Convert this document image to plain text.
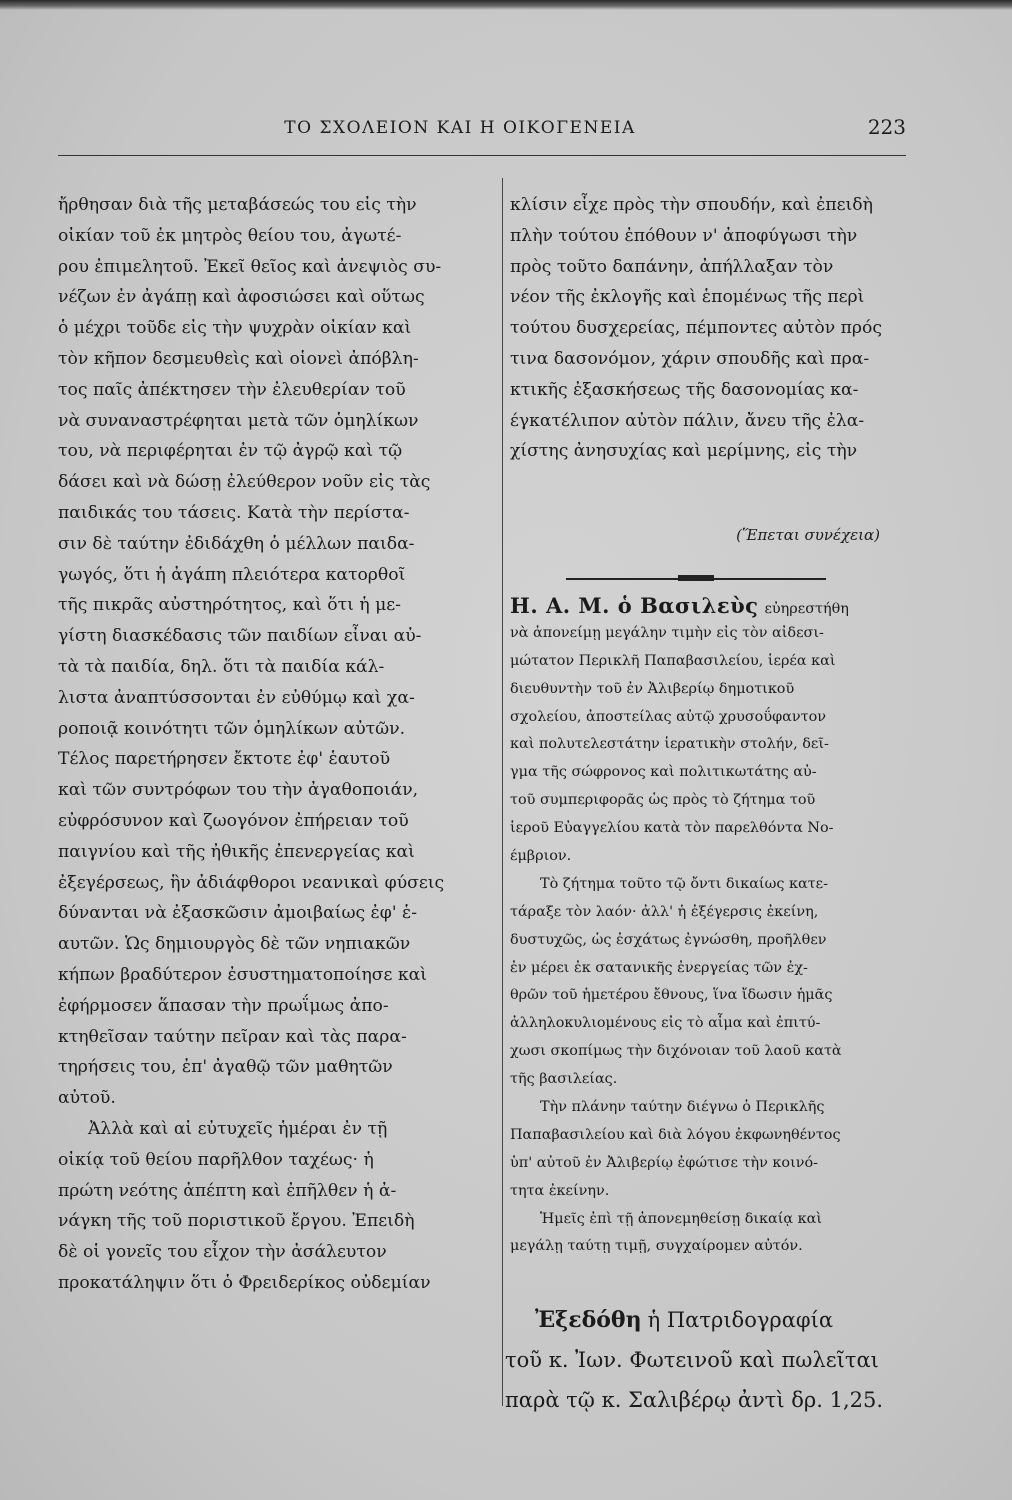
ΤΟ ΣΧΟΛΕΙΟΝ ΚΑΙ Η ΟΙΚΟΓΕΝΕΙΑ	223
ἤρθησαν διὰ τῆς μεταβάσεώς του εἰς τὴν
οἰκίαν τοῦ ἐκ μητρὸς θείου του, ἀγωτέ-
ρου ἐπιμελητοῦ. Ἐκεῖ θεῖος καὶ ἀνεψιὸς συ-
νέζων ἐν ἀγάπῃ καὶ ἀφοσιώσει καὶ οὕτως
ὁ μέχρι τοῦδε εἰς τὴν ψυχρὰν οἰκίαν καὶ
τὸν κῆπον δεσμευθεὶς καὶ οἱονεὶ ἀπόβλη-
τος παῖς ἀπέκτησεν τὴν ἐλευθερίαν τοῦ
νὰ συναναστρέφηται μετὰ τῶν ὁμηλίκων
του, νὰ περιφέρηται ἐν τῷ ἀγρῷ καὶ τῷ
δάσει καὶ νὰ δώσῃ ἐλεύθερον νοῦν εἰς τὰς
παιδικάς του τάσεις. Κατὰ τὴν περίστα-
σιν δὲ ταύτην ἐδιδάχθη ὁ μέλλων παιδα-
γωγός, ὅτι ἡ ἀγάπη πλειότερα κατορθοῖ
τῆς πικρᾶς αὐστηρότητος, καὶ ὅτι ἡ με-
γίστη διασκέδασις τῶν παιδίων εἶναι αὐ-
τὰ τὰ παιδία, δηλ. ὅτι τὰ παιδία κάλ-
λιστα ἀναπτύσσονται ἐν εὐθύμῳ καὶ χα-
ροποιᾷ κοινότητι τῶν ὁμηλίκων αὐτῶν.
Τέλος παρετήρησεν ἔκτοτε ἐφ' ἑαυτοῦ
καὶ τῶν συντρόφων του τὴν ἀγαθοποιάν,
εὐφρόσυνον καὶ ζωογόνον ἐπήρειαν τοῦ
παιγνίου καὶ τῆς ἠθικῆς ἐπενεργείας καὶ
ἐξεγέρσεως, ἣν ἀδιάφθοροι νεανικαὶ φύσεις
δύνανται νὰ ἐξασκῶσιν ἀμοιβαίως ἐφ' ἑ-
αυτῶν. Ὡς δημιουργὸς δὲ τῶν νηπιακῶν
κήπων βραδύτερον ἐσυστηματοποίησε καὶ
ἐφήρμοσεν ἅπασαν τὴν πρωΐμως ἀπο-
κτηθεῖσαν ταύτην πεῖραν καὶ τὰς παρα-
τηρήσεις του, ἐπ' ἀγαθῷ τῶν μαθητῶν
αὐτοῦ.
Ἀλλὰ καὶ αἱ εὐτυχεῖς ἡμέραι ἐν τῇ
οἰκίᾳ τοῦ θείου παρῆλθον ταχέως· ἡ
πρώτη νεότης ἀπέπτη καὶ ἐπῆλθεν ἡ ἀ-
νάγκη τῆς τοῦ ποριστικοῦ ἔργου. Ἐπειδὴ
δὲ οἱ γονεῖς του εἶχον τὴν ἀσάλευτον
προκατάληψιν ὅτι ὁ Φρειδερίκος οὐδεμίαν
κλίσιν εἶχε πρὸς τὴν σπουδήν, καὶ ἐπειδὴ
πλὴν τούτου ἐπόθουν ν' ἀποφύγωσι τὴν
πρὸς τοῦτο δαπάνην, ἀπήλλαξαν τὸν
νέον τῆς ἐκλογῆς καὶ ἑπομένως τῆς περὶ
τούτου δυσχερείας, πέμποντες αὐτὸν πρός
τινα δασονόμον, χάριν σπουδῆς καὶ πρα-
κτικῆς ἐξασκήσεως τῆς δασονομίας κα-
έγκατέλιπον αὐτὸν πάλιν, ἄνευ τῆς ἐλα-
χίστης ἀνησυχίας καὶ μερίμνης, εἰς τὴν
(Ἕπεται συνέχεια)
Η. Α. Μ. ὁ Βασιλεὺς εὐηρεστήθη
νὰ ἀπονείμῃ μεγάλην τιμὴν εἰς τὸν αἰδεσι-
μώτατον Περικλῆ Παπαβασιλείου, ἱερέα καὶ
διευθυντὴν τοῦ ἐν Ἀλιβερίῳ δημοτικοῦ
σχολείου, ἀποστείλας αὐτῷ χρυσοΰφαντον
καὶ πολυτελεστάτην ἱερατικὴν στολήν, δεῖ-
γμα τῆς σώφρονος καὶ πολιτικωτάτης αὐ-
τοῦ συμπεριφορᾶς ὡς πρὸς τὸ ζήτημα τοῦ
ἱεροῦ Εὐαγγελίου κατὰ τὸν παρελθόντα Νο-
έμβριον.
Τὸ ζήτημα τοῦτο τῷ ὄντι δικαίως κατε-
τάραξε τὸν λαόν· ἀλλ' ἡ ἐξέγερσις ἐκείνη,
δυστυχῶς, ὡς ἐσχάτως ἐγνώσθη, προῆλθεν
ἐν μέρει ἐκ σατανικῆς ἐνεργείας τῶν ἐχ-
θρῶν τοῦ ἡμετέρου ἔθνους, ἵνα ἴδωσιν ἡμᾶς
ἀλληλοκυλιομένους εἰς τὸ αἷμα καὶ ἐπιτύ-
χωσι σκοπίμως τὴν διχόνοιαν τοῦ λαοῦ κατὰ
τῆς βασιλείας.
Τὴν πλάνην ταύτην διέγνω ὁ Περικλῆς
Παπαβασιλείου καὶ διὰ λόγου ἐκφωνηθέντος
ὑπ' αὐτοῦ ἐν Ἀλιβερίῳ ἐφώτισε τὴν κοινό-
τητα ἐκείνην.
Ἡμεῖς ἐπὶ τῇ ἀπονεμηθείσῃ δικαίᾳ καὶ
μεγάλῃ ταύτῃ τιμῇ, συγχαίρομεν αὐτόν.
Ἐξεδόθη ἡ Πατριδογραφία
τοῦ κ. Ἰων. Φωτεινοῦ καὶ πωλεῖται
παρὰ τῷ κ. Σαλιβέρῳ ἀντὶ δρ. 1,25.
